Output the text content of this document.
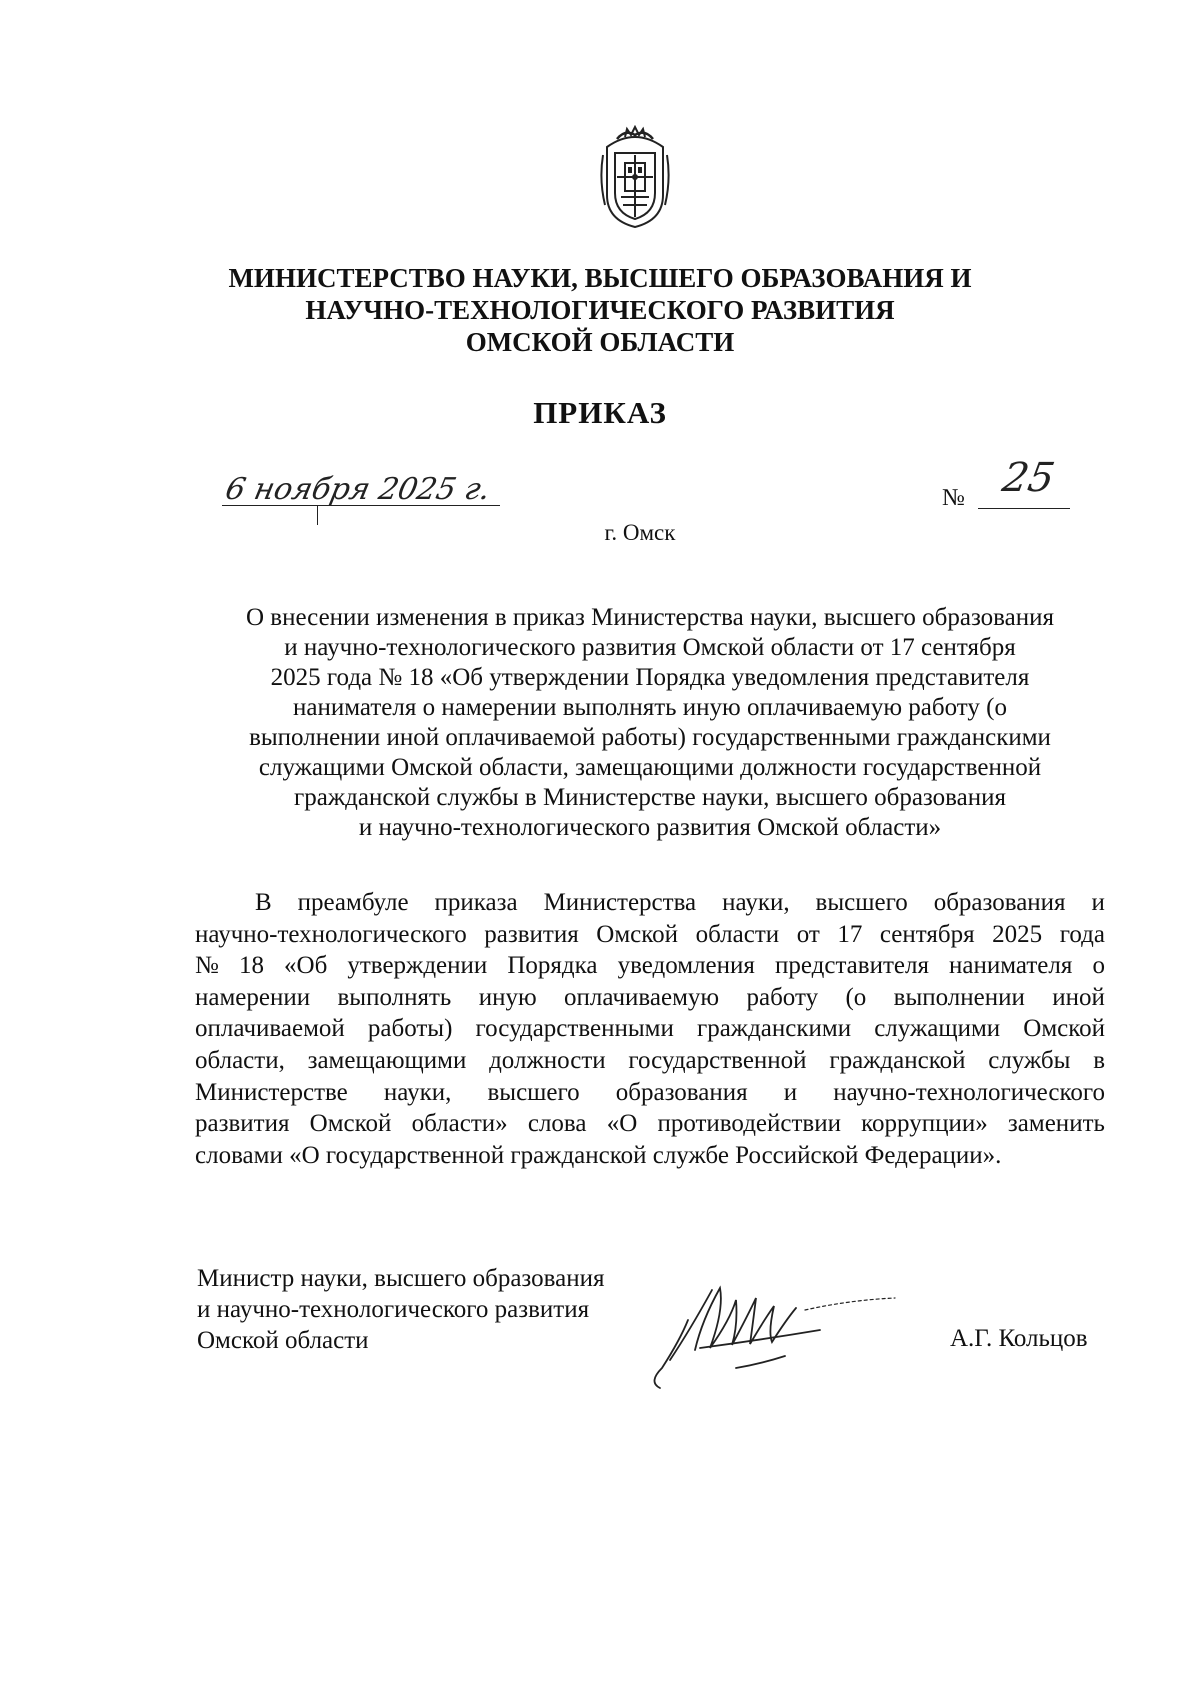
МИНИСТЕРСТВО НАУКИ, ВЫСШЕГО ОБРАЗОВАНИЯ И
НАУЧНО-ТЕХНОЛОГИЧЕСКОГО РАЗВИТИЯ
ОМСКОЙ ОБЛАСТИ
ПРИКАЗ
6 ноября 2025 г.	№ 25
г. Омск
О внесении изменения в приказ Министерства науки, высшего образования
и научно-технологического развития Омской области от 17 сентября
2025 года № 18 «Об утверждении Порядка уведомления представителя
нанимателя о намерении выполнять иную оплачиваемую работу (о
выполнении иной оплачиваемой работы) государственными гражданскими
служащими Омской области, замещающими должности государственной
гражданской службы в Министерстве науки, высшего образования
и научно-технологического развития Омской области»
В преамбуле приказа Министерства науки, высшего образования и
научно-технологического развития Омской области от 17 сентября 2025 года
№ 18 «Об утверждении Порядка уведомления представителя нанимателя о
намерении выполнять иную оплачиваемую работу (о выполнении иной
оплачиваемой работы) государственными гражданскими служащими Омской
области, замещающими должности государственной гражданской службы в
Министерстве науки, высшего образования и научно-технологического
развития Омской области» слова «О противодействии коррупции» заменить
словами «О государственной гражданской службе Российской Федерации».
Министр науки, высшего образования
и научно-технологического развития
Омской области	А.Г. Кольцов
